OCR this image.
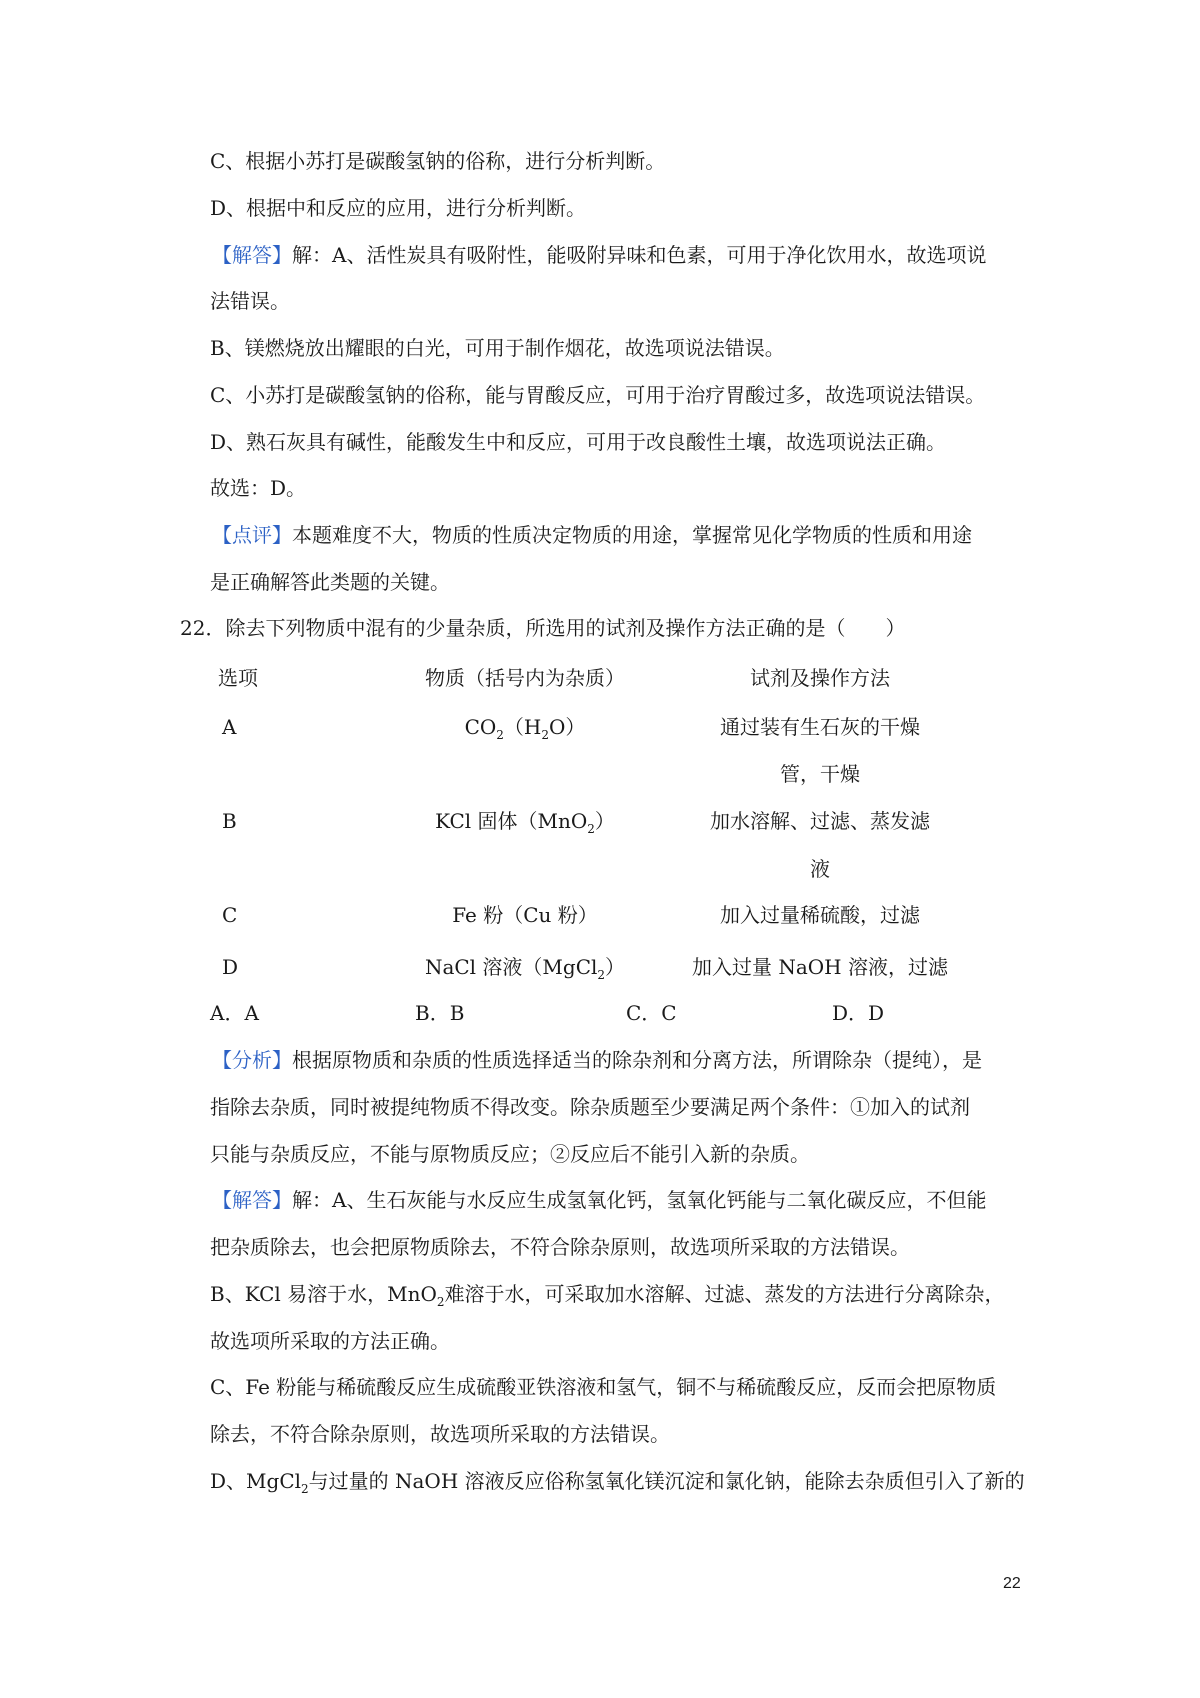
C、根据小苏打是碳酸氢钠的俗称，进行分析判断。
D、根据中和反应的应用，进行分析判断。
【解答】解：A、活性炭具有吸附性，能吸附异味和色素，可用于净化饮用水，故选项说
法错误。
B、镁燃烧放出耀眼的白光，可用于制作烟花，故选项说法错误。
C、小苏打是碳酸氢钠的俗称，能与胃酸反应，可用于治疗胃酸过多，故选项说法错误。
D、熟石灰具有碱性，能酸发生中和反应，可用于改良酸性土壤，故选项说法正确。
故选：D。
【点评】本题难度不大，物质的性质决定物质的用途，掌握常见化学物质的性质和用途
是正确解答此类题的关键。
22．除去下列物质中混有的少量杂质，所选用的试剂及操作方法正确的是（　　）
选项	物质（括号内为杂质）	试剂及操作方法
A	$CO_2(H_2O)$	通过装有生石灰的干燥
管，干燥
B	KCl 固体（MnO$_2$）	加水溶解、过滤、蒸发滤
液
C	Fe 粉（Cu 粉）	加入过量稀硫酸，过滤
D	NaCl 溶液（MgCl$_2$）	加入过量 NaOH 溶液，过滤
A．A	B．B	C．C	D．D
【分析】根据原物质和杂质的性质选择适当的除杂剂和分离方法，所谓除杂（提纯），是
指除去杂质，同时被提纯物质不得改变。除杂质题至少要满足两个条件：①加入的试剂
只能与杂质反应，不能与原物质反应；②反应后不能引入新的杂质。
【解答】解：A、生石灰能与水反应生成氢氧化钙，氢氧化钙能与二氧化碳反应，不但能
把杂质除去，也会把原物质除去，不符合除杂原则，故选项所采取的方法错误。
B、KCl 易溶于水，MnO$_2$难溶于水，可采取加水溶解、过滤、蒸发的方法进行分离除杂，
故选项所采取的方法正确。
C、Fe 粉能与稀硫酸反应生成硫酸亚铁溶液和氢气，铜不与稀硫酸反应，反而会把原物质
除去，不符合除杂原则，故选项所采取的方法错误。
D、MgCl$_2$与过量的 NaOH 溶液反应俗称氢氧化镁沉淀和氯化钠，能除去杂质但引入了新的
22
